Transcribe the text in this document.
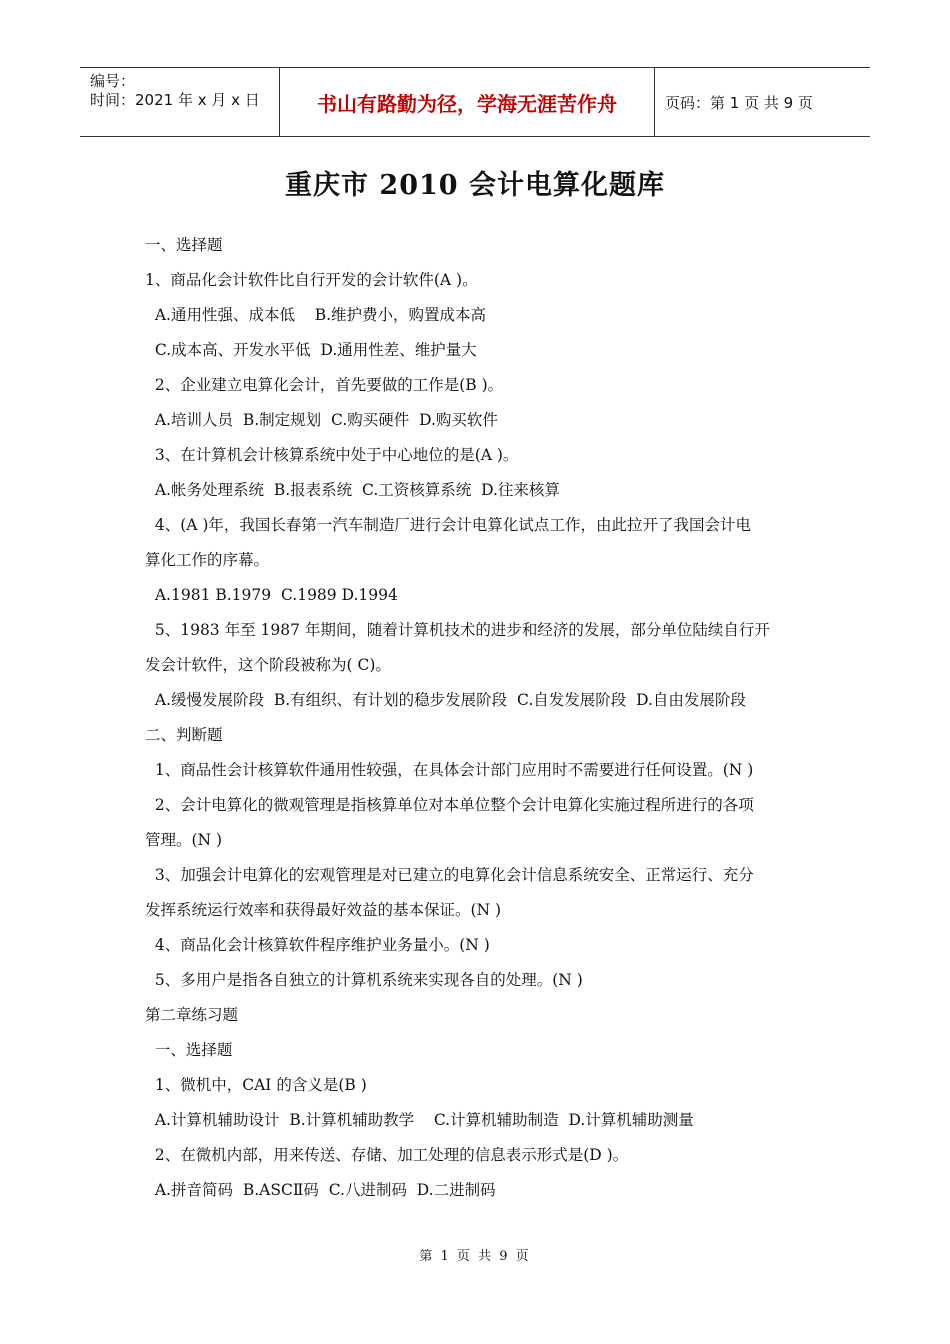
编号：
时间：2021 年 x 月 x 日	书山有路勤为径，学海无涯苦作舟	页码：第 1 页 共 9 页
重庆市 2010 会计电算化题库

一、选择题

1、商品化会计软件比自行开发的会计软件(A )。

A.通用性强、成本低    B.维护费小，购置成本高

C.成本高、开发水平低  D.通用性差、维护量大

2、企业建立电算化会计，首先要做的工作是(B )。

A.培训人员  B.制定规划  C.购买硬件  D.购买软件

3、在计算机会计核算系统中处于中心地位的是(A )。

A.帐务处理系统  B.报表系统  C.工资核算系统  D.往来核算

4、(A )年，我国长春第一汽车制造厂进行会计电算化试点工作，由此拉开了我国会计电

算化工作的序幕。

A.1981 B.1979  C.1989 D.1994

5、1983 年至 1987 年期间，随着计算机技术的进步和经济的发展，部分单位陆续自行开

发会计软件，这个阶段被称为( C)。

A.缓慢发展阶段  B.有组织、有计划的稳步发展阶段  C.自发发展阶段  D.自由发展阶段

二、判断题

1、商品性会计核算软件通用性较强，在具体会计部门应用时不需要进行任何设置。(N )

2、会计电算化的微观管理是指核算单位对本单位整个会计电算化实施过程所进行的各项

管理。(N )

3、加强会计电算化的宏观管理是对已建立的电算化会计信息系统安全、正常运行、充分

发挥系统运行效率和获得最好效益的基本保证。(N )

4、商品化会计核算软件程序维护业务量小。(N )

5、多用户是指各自独立的计算机系统来实现各自的处理。(N )

第二章练习题

一、选择题

1、微机中，CAI 的含义是(B )

A.计算机辅助设计  B.计算机辅助教学    C.计算机辅助制造  D.计算机辅助测量

2、在微机内部，用来传送、存储、加工处理的信息表示形式是(D )。

A.拼音简码  B.ASCⅡ码  C.八进制码  D.二进制码

第 1 页 共 9 页
